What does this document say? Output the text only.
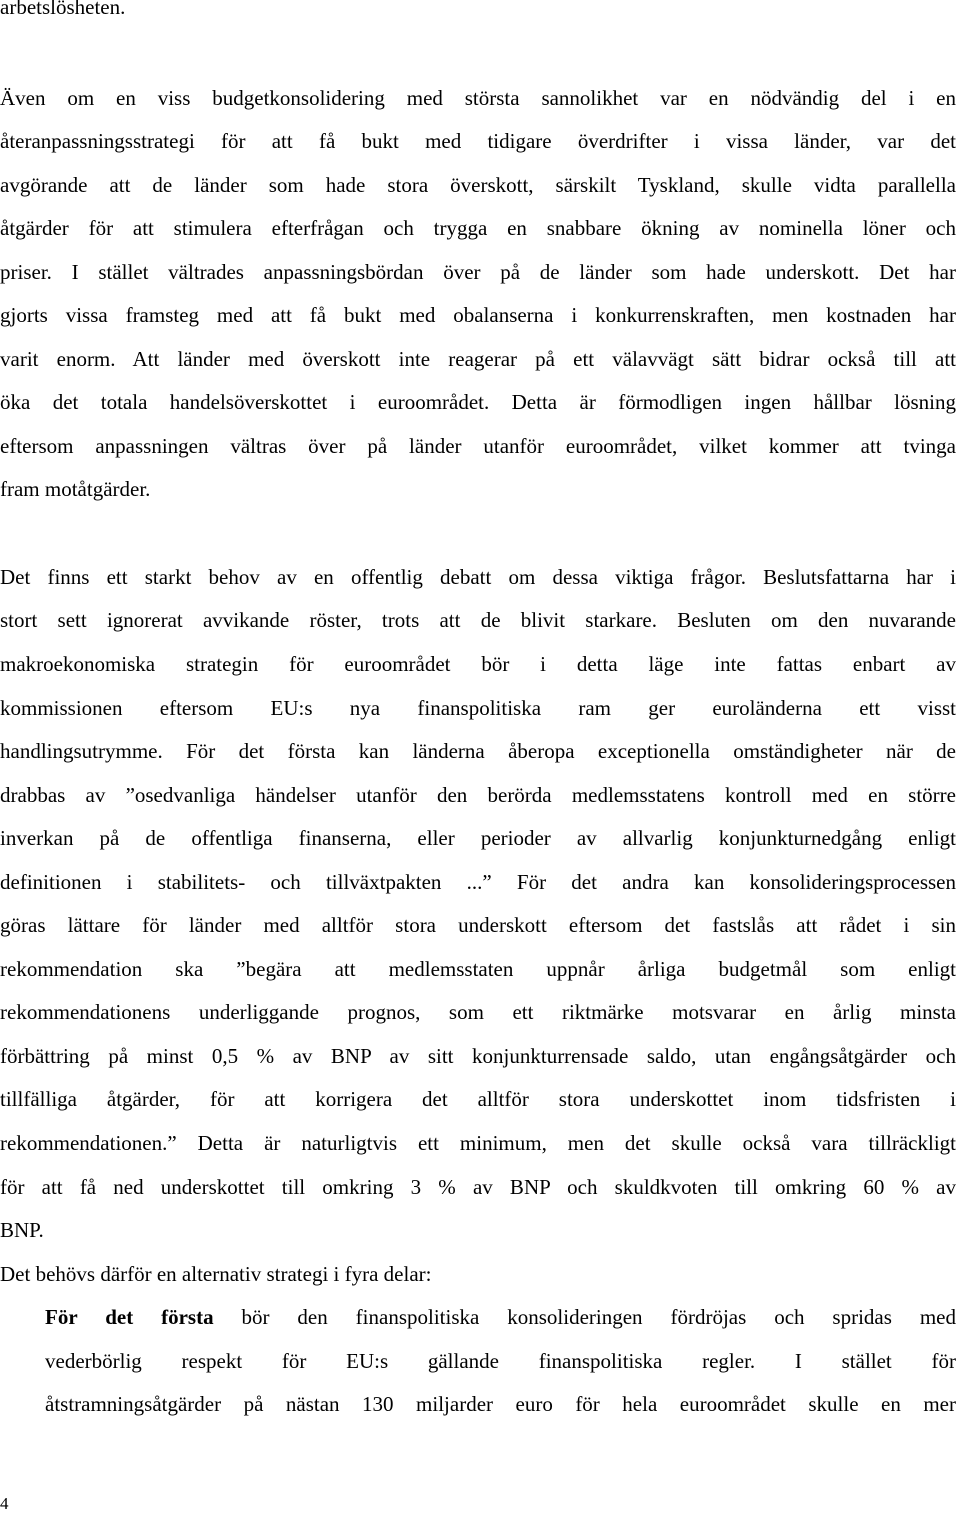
arbetslösheten.
Även om en viss budgetkonsolidering med största sannolikhet var en nödvändig del i en
återanpassningsstrategi för att få bukt med tidigare överdrifter i vissa länder, var det
avgörande att de länder som hade stora överskott, särskilt Tyskland, skulle vidta parallella
åtgärder för att stimulera efterfrågan och trygga en snabbare ökning av nominella löner och
priser. I stället vältrades anpassningsbördan över på de länder som hade underskott. Det har
gjorts vissa framsteg med att få bukt med obalanserna i konkurrenskraften, men kostnaden har
varit enorm. Att länder med överskott inte reagerar på ett välavvägt sätt bidrar också till att
öka det totala handelsöverskottet i euroområdet. Detta är förmodligen ingen hållbar lösning
eftersom anpassningen vältras över på länder utanför euroområdet, vilket kommer att tvinga
fram motåtgärder.
Det finns ett starkt behov av en offentlig debatt om dessa viktiga frågor. Beslutsfattarna har i
stort sett ignorerat avvikande röster, trots att de blivit starkare. Besluten om den nuvarande
makroekonomiska strategin för euroområdet bör i detta läge inte fattas enbart av
kommissionen eftersom EU:s nya finanspolitiska ram ger euroländerna ett visst
handlingsutrymme. För det första kan länderna åberopa exceptionella omständigheter när de
drabbas av ”osedvanliga händelser utanför den berörda medlemsstatens kontroll med en större
inverkan på de offentliga finanserna, eller perioder av allvarlig konjunkturnedgång enligt
definitionen i stabilitets- och tillväxtpakten ...” För det andra kan konsolideringsprocessen
göras lättare för länder med alltför stora underskott eftersom det fastslås att rådet i sin
rekommendation ska ”begära att medlemsstaten uppnår årliga budgetmål som enligt
rekommendationens underliggande prognos, som ett riktmärke motsvarar en årlig minsta
förbättring på minst 0,5 % av BNP av sitt konjunkturrensade saldo, utan engångsåtgärder och
tillfälliga åtgärder, för att korrigera det alltför stora underskottet inom tidsfristen i
rekommendationen.” Detta är naturligtvis ett minimum, men det skulle också vara tillräckligt
för att få ned underskottet till omkring 3 % av BNP och skuldkvoten till omkring 60 % av
BNP.
Det behövs därför en alternativ strategi i fyra delar:
För det första bör den finanspolitiska konsolideringen fördröjas och spridas med
vederbörlig respekt för EU:s gällande finanspolitiska regler. I stället för
åtstramningsåtgärder på nästan 130 miljarder euro för hela euroområdet skulle en mer
4
